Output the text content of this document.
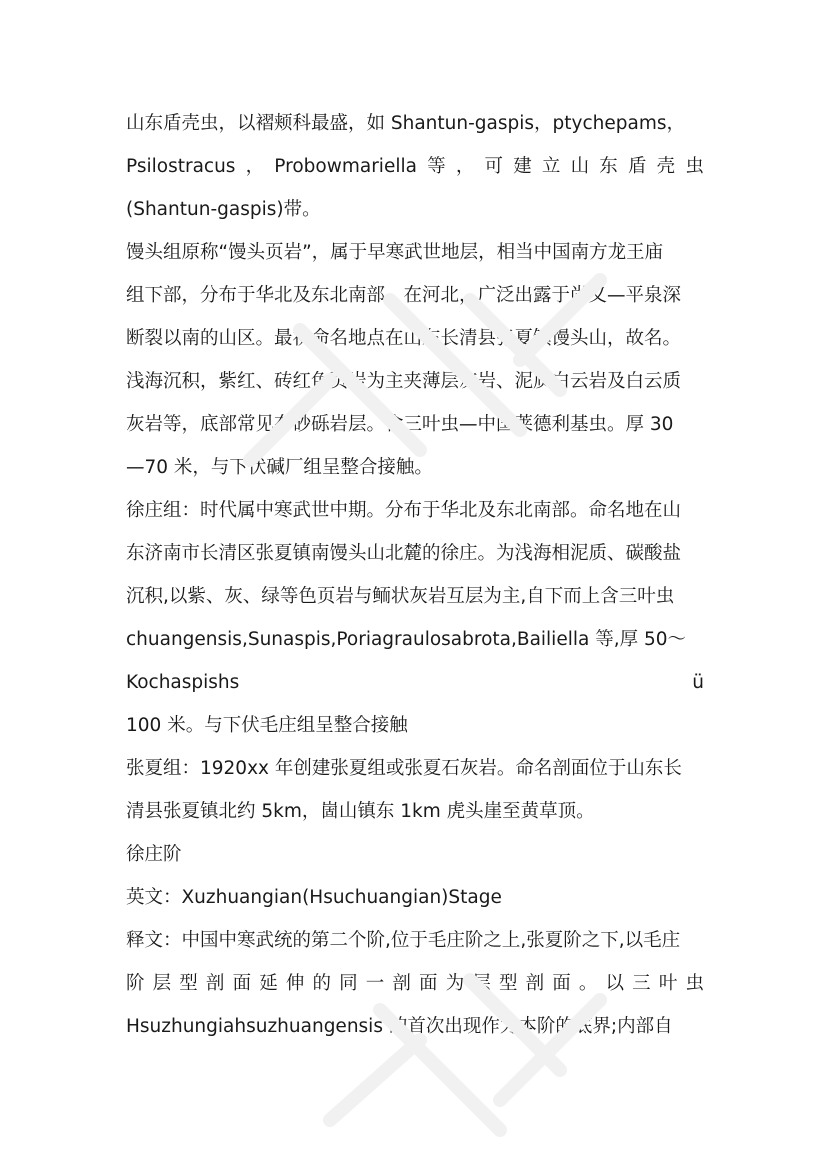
山东盾壳虫，以褶颊科最盛，如 Shantun-gaspis，ptychepams，
Psilostracus ， Probowmariella 等 ， 可 建 立 山 东 盾 壳 虫
(Shantun-gaspis)带。
馒头组原称“馒头页岩”，属于早寒武世地层，相当中国南方龙王庙
组下部，分布于华北及东北南部，在河北，广泛出露于尚义—平泉深
断裂以南的山区。最初命名地点在山东长清县张夏镇馒头山，故名。
浅海沉积，紫红、砖红色页岩为主夹薄层灰岩、泥质白云岩及白云质
灰岩等，底部常见有砂砾岩层。含三叶虫—中国莱德利基虫。厚 30
—70 米，与下伏碱厂组呈整合接触。
徐庄组：时代属中寒武世中期。分布于华北及东北南部。命名地在山
东济南市长清区张夏镇南馒头山北麓的徐庄。为浅海相泥质、碳酸盐
沉积,以紫、灰、绿等色页岩与鲕状灰岩互层为主,自下而上含三叶虫
chuangensis,Sunaspis,Poriagraulosabrota,Bailiella 等,厚 50～
Kochaspishs	ü
100 米。与下伏毛庄组呈整合接触
张夏组：1920xx 年创建张夏组或张夏石灰岩。命名剖面位于山东长
清县张夏镇北约 5km，崮山镇东 1km 虎头崖至黄草顶。
徐庄阶
英文：Xuzhuangian(Hsuchuangian)Stage
释文：中国中寒武统的第二个阶,位于毛庄阶之上,张夏阶之下,以毛庄
阶 层 型 剖 面 延 伸 的 同 一 剖 面 为 层 型 剖 面 。 以 三 叶 虫
Hsuzhungiahsuzhuangensis 的首次出现作为本阶的底界;内部自
